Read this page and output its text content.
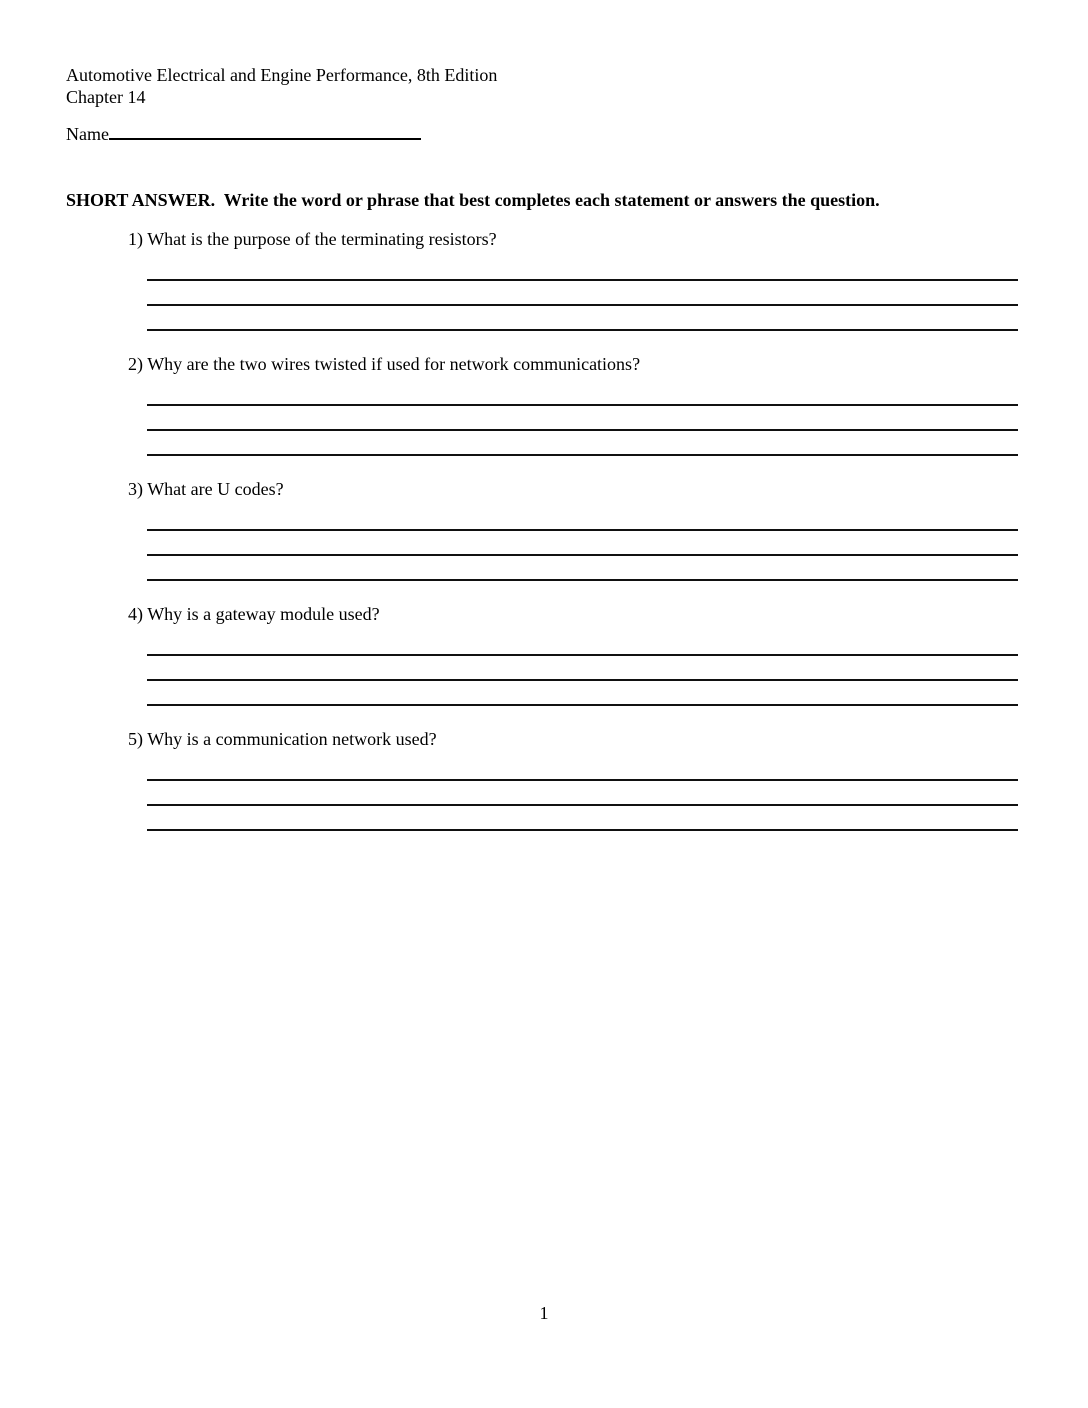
Automotive Electrical and Engine Performance, 8th Edition

Chapter 14

Name

SHORT ANSWER.  Write the word or phrase that best completes each statement or answers the question.

1) What is the purpose of the terminating resistors?

2) Why are the two wires twisted if used for network communications?

3) What are U codes?

4) Why is a gateway module used?

5) Why is a communication network used?

1
